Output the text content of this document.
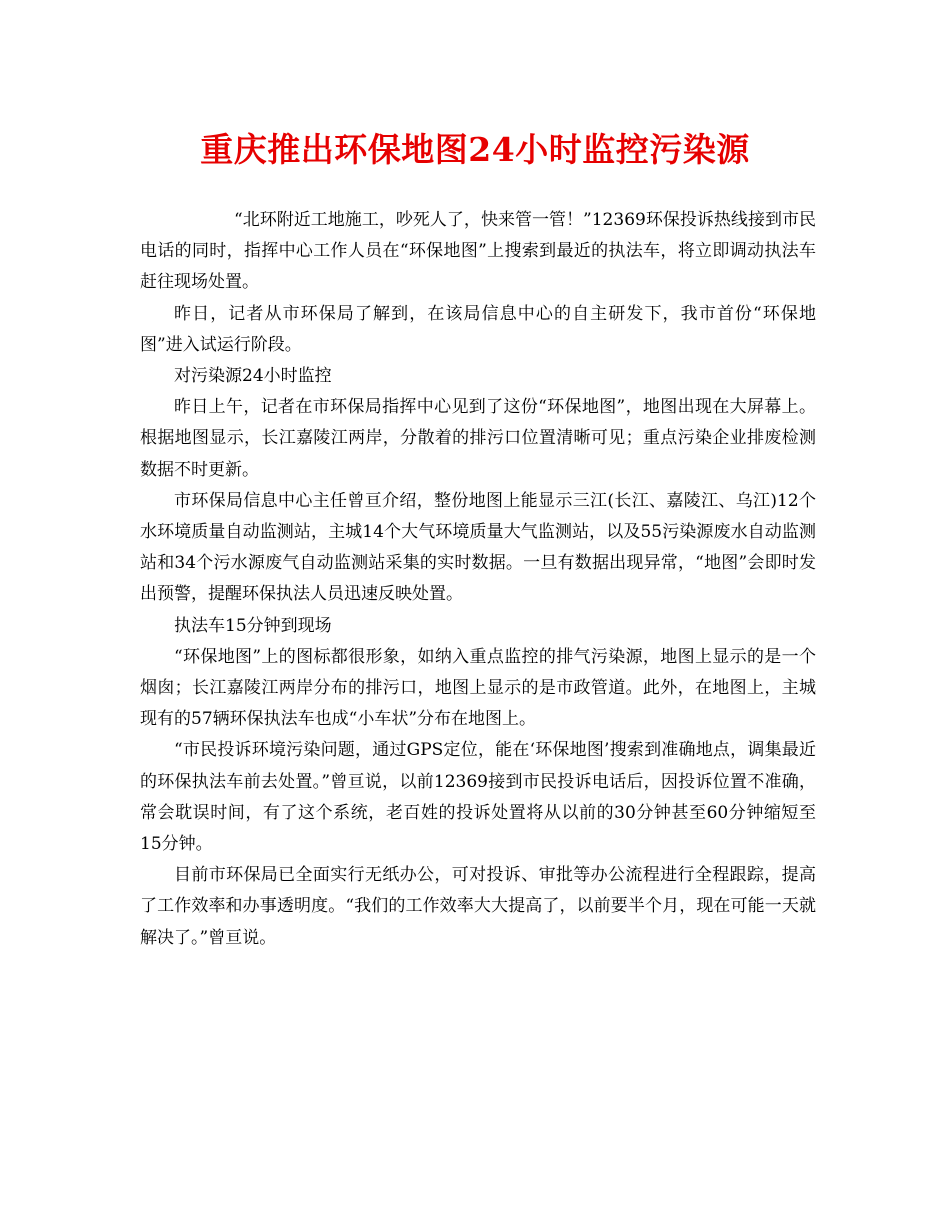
重庆推出环保地图24小时监控污染源

“北环附近工地施工，吵死人了，快来管一管！”12369环保投诉热线接到市民电话的同时，指挥中心工作人员在“环保地图”上搜索到最近的执法车，将立即调动执法车赶往现场处置。

昨日，记者从市环保局了解到，在该局信息中心的自主研发下，我市首份“环保地图”进入试运行阶段。

对污染源24小时监控

昨日上午，记者在市环保局指挥中心见到了这份“环保地图”，地图出现在大屏幕上。根据地图显示，长江嘉陵江两岸，分散着的排污口位置清晰可见；重点污染企业排废检测数据不时更新。

市环保局信息中心主任曾亘介绍，整份地图上能显示三江(长江、嘉陵江、乌江)12个水环境质量自动监测站，主城14个大气环境质量大气监测站，以及55污染源废水自动监测站和34个污水源废气自动监测站采集的实时数据。一旦有数据出现异常，“地图”会即时发出预警，提醒环保执法人员迅速反映处置。

执法车15分钟到现场

“环保地图”上的图标都很形象，如纳入重点监控的排气污染源，地图上显示的是一个烟囱；长江嘉陵江两岸分布的排污口，地图上显示的是市政管道。此外，在地图上，主城现有的57辆环保执法车也成“小车状”分布在地图上。

“市民投诉环境污染问题，通过GPS定位，能在‘环保地图’搜索到准确地点，调集最近的环保执法车前去处置。”曾亘说，以前12369接到市民投诉电话后，因投诉位置不准确，常会耽误时间，有了这个系统，老百姓的投诉处置将从以前的30分钟甚至60分钟缩短至15分钟。

目前市环保局已全面实行无纸办公，可对投诉、审批等办公流程进行全程跟踪，提高了工作效率和办事透明度。“我们的工作效率大大提高了，以前要半个月，现在可能一天就解决了。”曾亘说。
